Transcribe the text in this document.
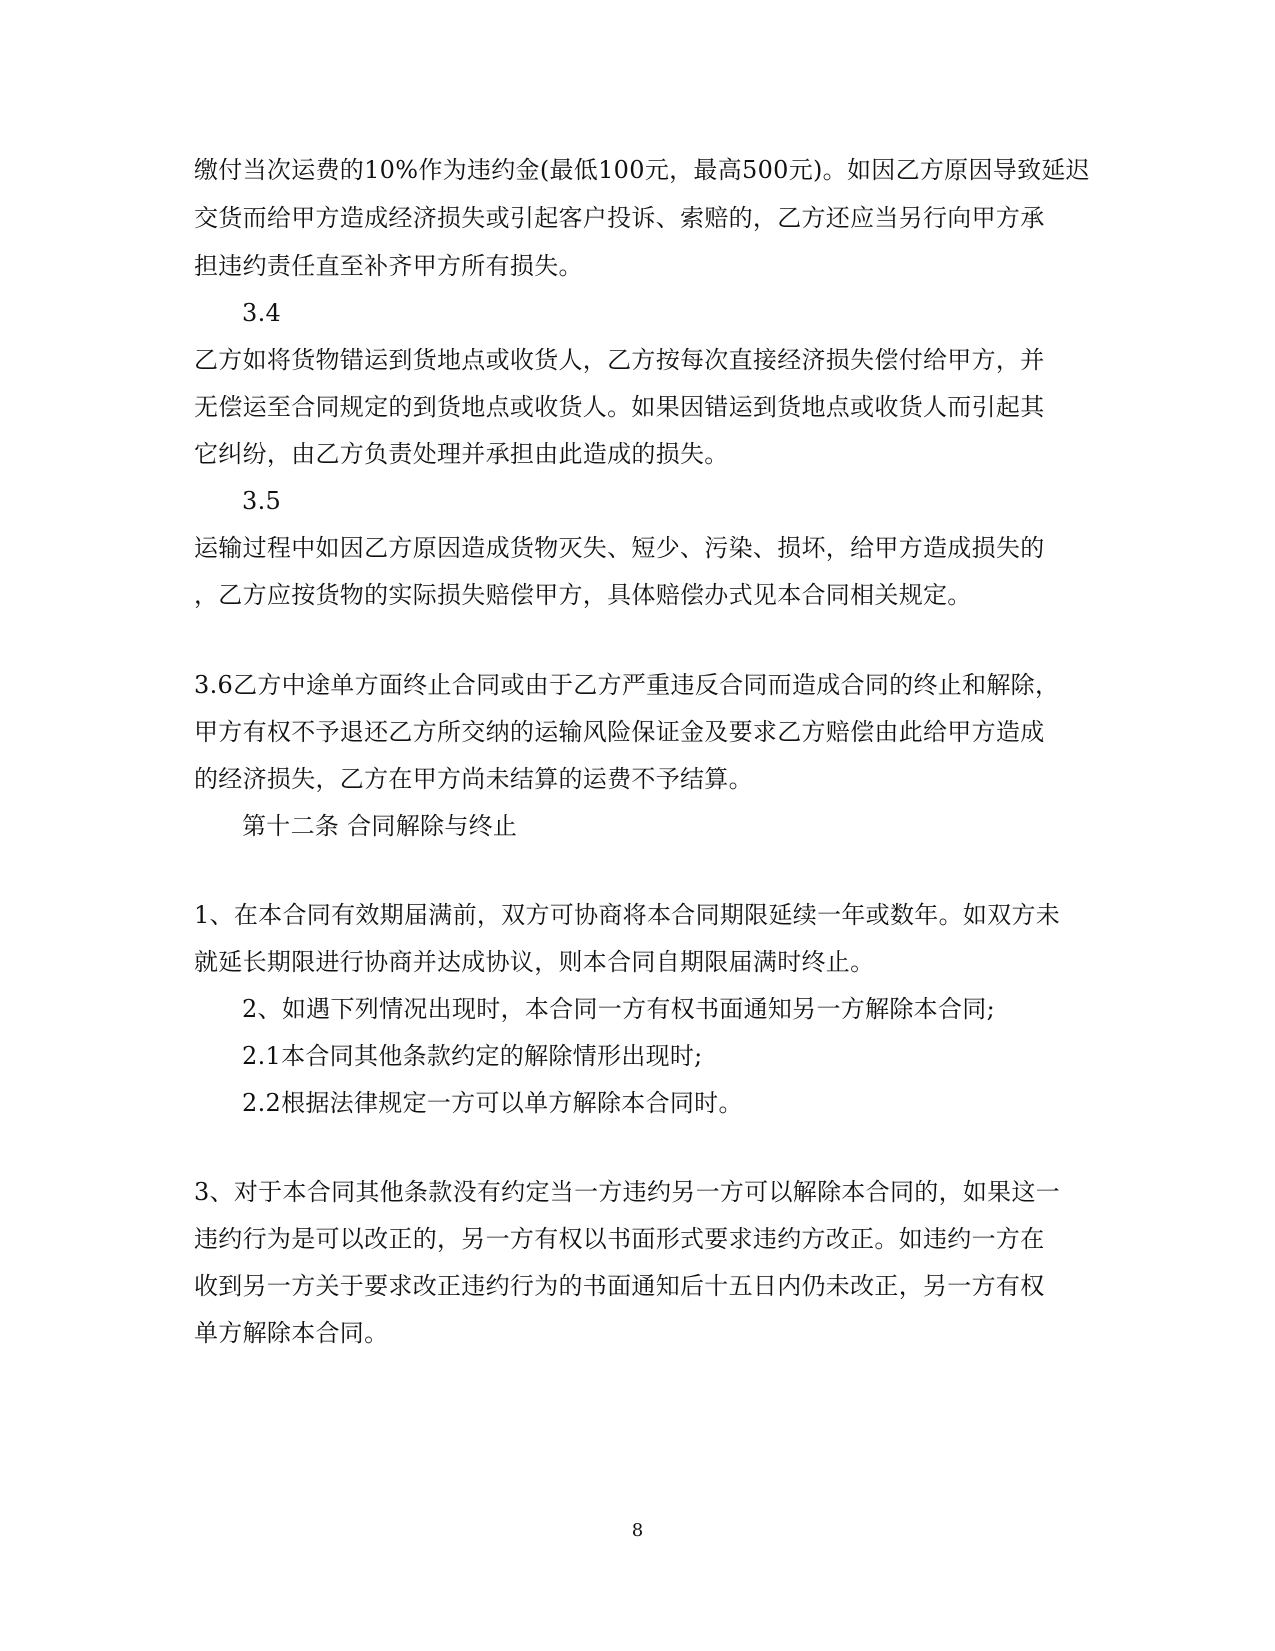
缴付当次运费的10%作为违约金(最低100元，最高500元)。如因乙方原因导致延迟

交货而给甲方造成经济损失或引起客户投诉、索赔的，乙方还应当另行向甲方承

担违约责任直至补齐甲方所有损失。

3.4

乙方如将货物错运到货地点或收货人，乙方按每次直接经济损失偿付给甲方，并

无偿运至合同规定的到货地点或收货人。如果因错运到货地点或收货人而引起其

它纠纷，由乙方负责处理并承担由此造成的损失。

3.5

运输过程中如因乙方原因造成货物灭失、短少、污染、损坏，给甲方造成损失的

，乙方应按货物的实际损失赔偿甲方，具体赔偿办式见本合同相关规定。

3.6乙方中途单方面终止合同或由于乙方严重违反合同而造成合同的终止和解除，

甲方有权不予退还乙方所交纳的运输风险保证金及要求乙方赔偿由此给甲方造成

的经济损失，乙方在甲方尚未结算的运费不予结算。

第十二条 合同解除与终止

1、在本合同有效期届满前，双方可协商将本合同期限延续一年或数年。如双方未

就延长期限进行协商并达成协议，则本合同自期限届满时终止。

2、如遇下列情况出现时，本合同一方有权书面通知另一方解除本合同;

2.1本合同其他条款约定的解除情形出现时;

2.2根据法律规定一方可以单方解除本合同时。

3、对于本合同其他条款没有约定当一方违约另一方可以解除本合同的，如果这一

违约行为是可以改正的，另一方有权以书面形式要求违约方改正。如违约一方在

收到另一方关于要求改正违约行为的书面通知后十五日内仍未改正，另一方有权

单方解除本合同。

8
